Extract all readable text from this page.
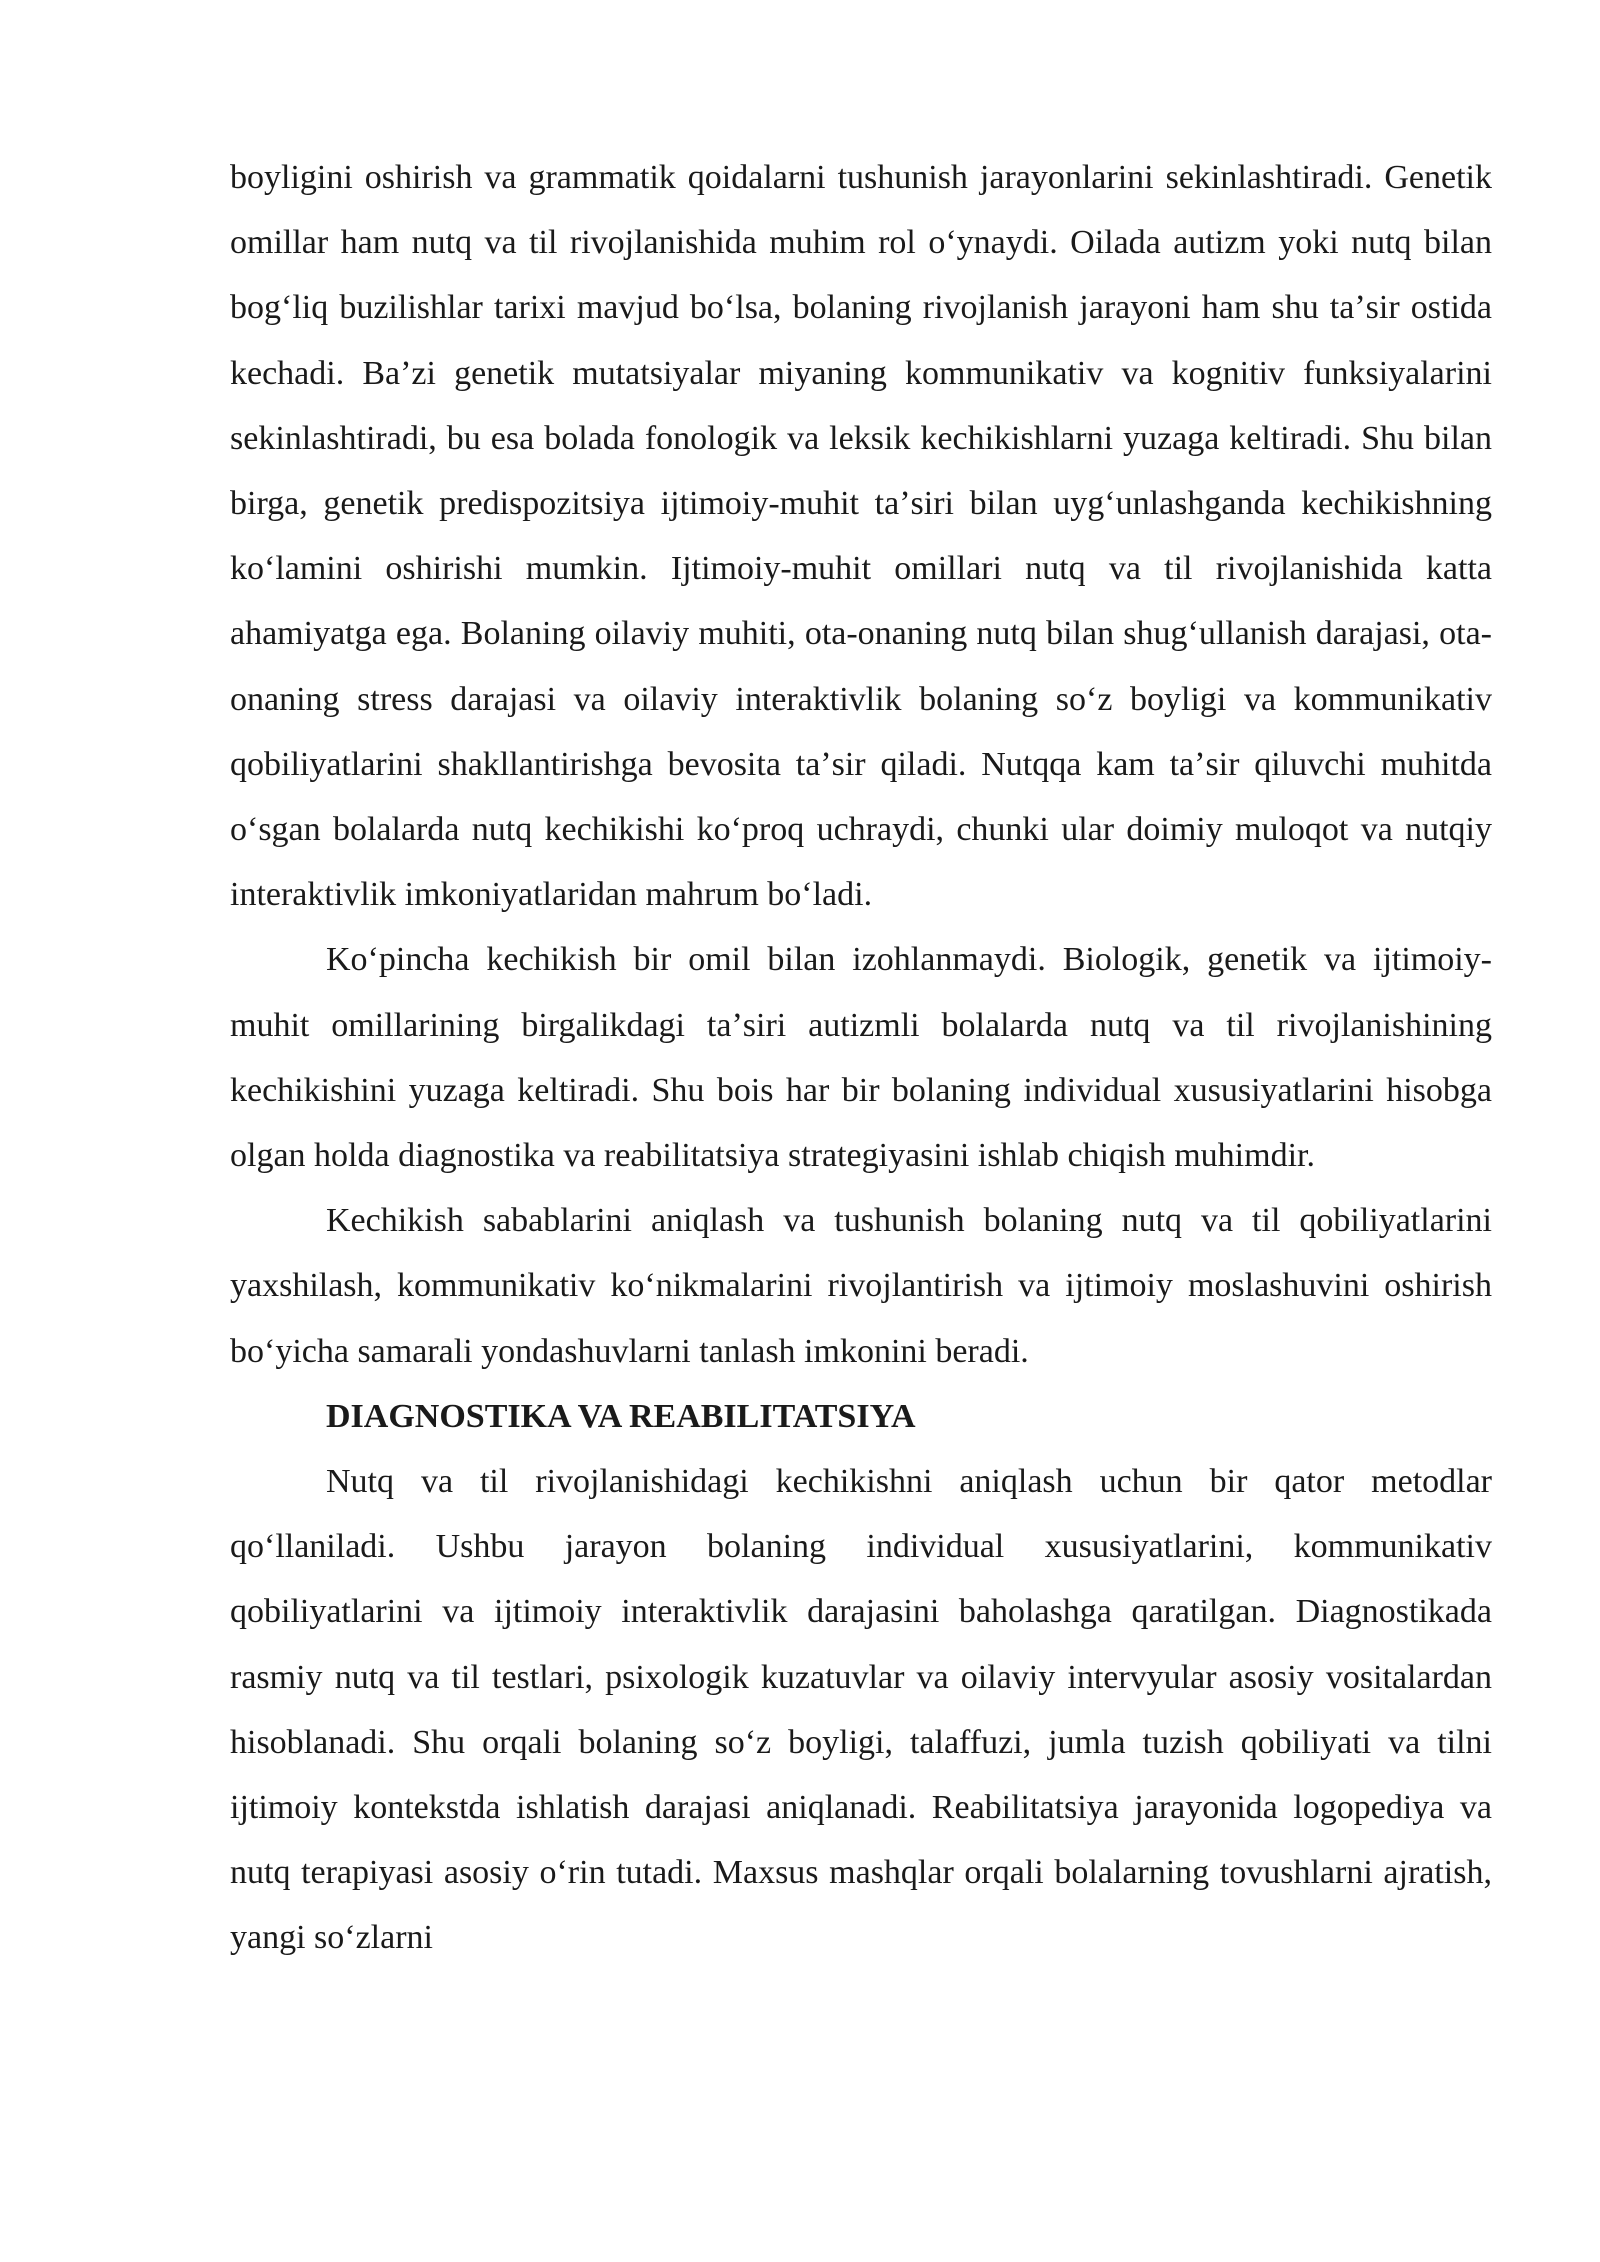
boyligini oshirish va grammatik qoidalarni tushunish jarayonlarini sekinlashtiradi. Genetik omillar ham nutq va til rivojlanishida muhim rol oʻynaydi. Oilada autizm yoki nutq bilan bogʻliq buzilishlar tarixi mavjud boʻlsa, bolaning rivojlanish jarayoni ham shu taʼsir ostida kechadi. Baʼzi genetik mutatsiyalar miyaning kommunikativ va kognitiv funksiyalarini sekinlashtiradi, bu esa bolada fonologik va leksik kechikishlarni yuzaga keltiradi. Shu bilan birga, genetik predispozitsiya ijtimoiy-muhit taʼsiri bilan uygʻunlashganda kechikishning koʻlamini oshirishi mumkin. Ijtimoiy-muhit omillari nutq va til rivojlanishida katta ahamiyatga ega. Bolaning oilaviy muhiti, ota-onaning nutq bilan shugʻullanish darajasi, ota-onaning stress darajasi va oilaviy interaktivlik bolaning soʻz boyligi va kommunikativ qobiliyatlarini shakllantirishga bevosita taʼsir qiladi. Nutqqa kam taʼsir qiluvchi muhitda oʻsgan bolalarda nutq kechikishi koʻproq uchraydi, chunki ular doimiy muloqot va nutqiy interaktivlik imkoniyatlaridan mahrum boʻladi.

Koʻpincha kechikish bir omil bilan izohlanmaydi. Biologik, genetik va ijtimoiy-muhit omillarining birgalikdagi taʼsiri autizmli bolalarda nutq va til rivojlanishining kechikishini yuzaga keltiradi. Shu bois har bir bolaning individual xususiyatlarini hisobga olgan holda diagnostika va reabilitatsiya strategiyasini ishlab chiqish muhimdir.

Kechikish sabablarini aniqlash va tushunish bolaning nutq va til qobiliyatlarini yaxshilash, kommunikativ koʻnikmalarini rivojlantirish va ijtimoiy moslashuvini oshirish boʻyicha samarali yondashuvlarni tanlash imkonini beradi.

DIAGNOSTIKA VA REABILITATSIYA

Nutq va til rivojlanishidagi kechikishni aniqlash uchun bir qator metodlar qoʻllaniladi. Ushbu jarayon bolaning individual xususiyatlarini, kommunikativ qobiliyatlarini va ijtimoiy interaktivlik darajasini baholashga qaratilgan. Diagnostikada rasmiy nutq va til testlari, psixologik kuzatuvlar va oilaviy intervyular asosiy vositalardan hisoblanadi. Shu orqali bolaning soʻz boyligi, talaffuzi, jumla tuzish qobiliyati va tilni ijtimoiy kontekstda ishlatish darajasi aniqlanadi. Reabilitatsiya jarayonida logopediya va nutq terapiyasi asosiy oʻrin tutadi. Maxsus mashqlar orqali bolalarning tovushlarni ajratish, yangi soʻzlarni
